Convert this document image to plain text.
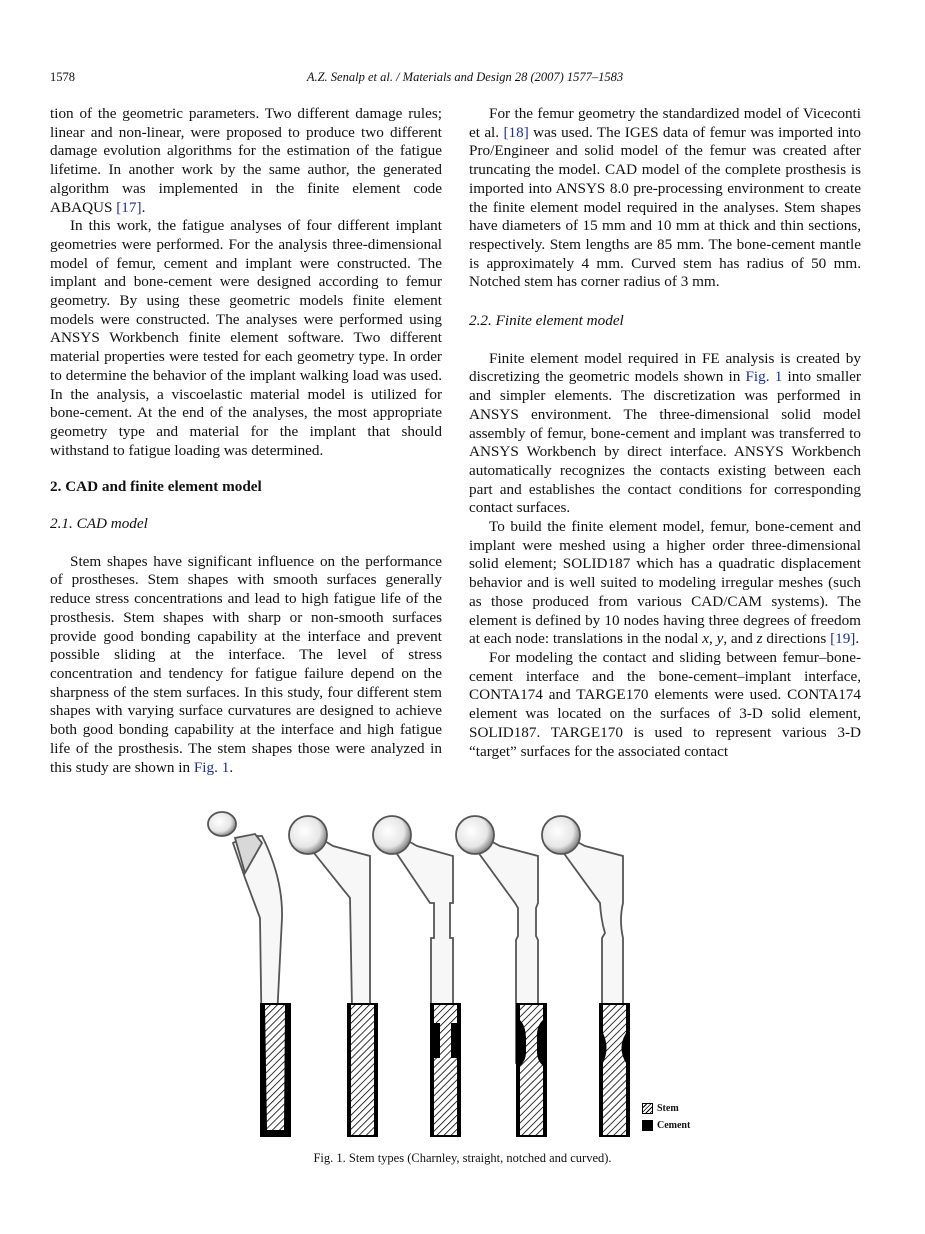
1578	A.Z. Senalp et al. / Materials and Design 28 (2007) 1577–1583

tion of the geometric parameters. Two different damage rules; linear and non-linear, were proposed to produce two different damage evolution algorithms for the estimation of the fatigue lifetime. In another work by the same author, the generated algorithm was implemented in the finite element code ABAQUS [17].

In this work, the fatigue analyses of four different implant geometries were performed. For the analysis three-dimensional model of femur, cement and implant were constructed. The implant and bone-cement were designed according to femur geometry. By using these geometric models finite element models were constructed. The analyses were performed using ANSYS Workbench finite element software. Two different material properties were tested for each geometry type. In order to determine the behavior of the implant walking load was used. In the analysis, a viscoelastic material model is utilized for bone-cement. At the end of the analyses, the most appropriate geometry type and material for the implant that should withstand to fatigue loading was determined.

2. CAD and finite element model
2.1. CAD model

Stem shapes have significant influence on the performance of prostheses. Stem shapes with smooth surfaces generally reduce stress concentrations and lead to high fatigue life of the prosthesis. Stem shapes with sharp or non-smooth surfaces provide good bonding capability at the interface and prevent possible sliding at the interface. The level of stress concentration and tendency for fatigue failure depend on the sharpness of the stem surfaces. In this study, four different stem shapes with varying surface curvatures are designed to achieve both good bonding capability at the interface and high fatigue life of the prosthesis. The stem shapes those were analyzed in this study are shown in Fig. 1.

For the femur geometry the standardized model of Viceconti et al. [18] was used. The IGES data of femur was imported into Pro/Engineer and solid model of the femur was created after truncating the model. CAD model of the complete prosthesis is imported into ANSYS 8.0 pre-processing environment to create the finite element model required in the analyses. Stem shapes have diameters of 15 mm and 10 mm at thick and thin sections, respectively. Stem lengths are 85 mm. The bone-cement mantle is approximately 4 mm. Curved stem has radius of 50 mm. Notched stem has corner radius of 3 mm.

2.2. Finite element model

Finite element model required in FE analysis is created by discretizing the geometric models shown in Fig. 1 into smaller and simpler elements. The discretization was performed in ANSYS environment. The three-dimensional solid model assembly of femur, bone-cement and implant was transferred to ANSYS Workbench by direct interface. ANSYS Workbench automatically recognizes the contacts existing between each part and establishes the contact conditions for corresponding contact surfaces.

To build the finite element model, femur, bone-cement and implant were meshed using a higher order three-dimensional solid element; SOLID187 which has a quadratic displacement behavior and is well suited to modeling irregular meshes (such as those produced from various CAD/CAM systems). The element is defined by 10 nodes having three degrees of freedom at each node: translations in the nodal x, y, and z directions [19].

For modeling the contact and sliding between femur–bone-cement interface and the bone-cement–implant interface, CONTA174 and TARGE170 elements were used. CONTA174 element was located on the surfaces of 3-D solid element, SOLID187. TARGE170 is used to represent various 3-D “target” surfaces for the associated contact

Stem
Cement
Fig. 1. Stem types (Charnley, straight, notched and curved).
